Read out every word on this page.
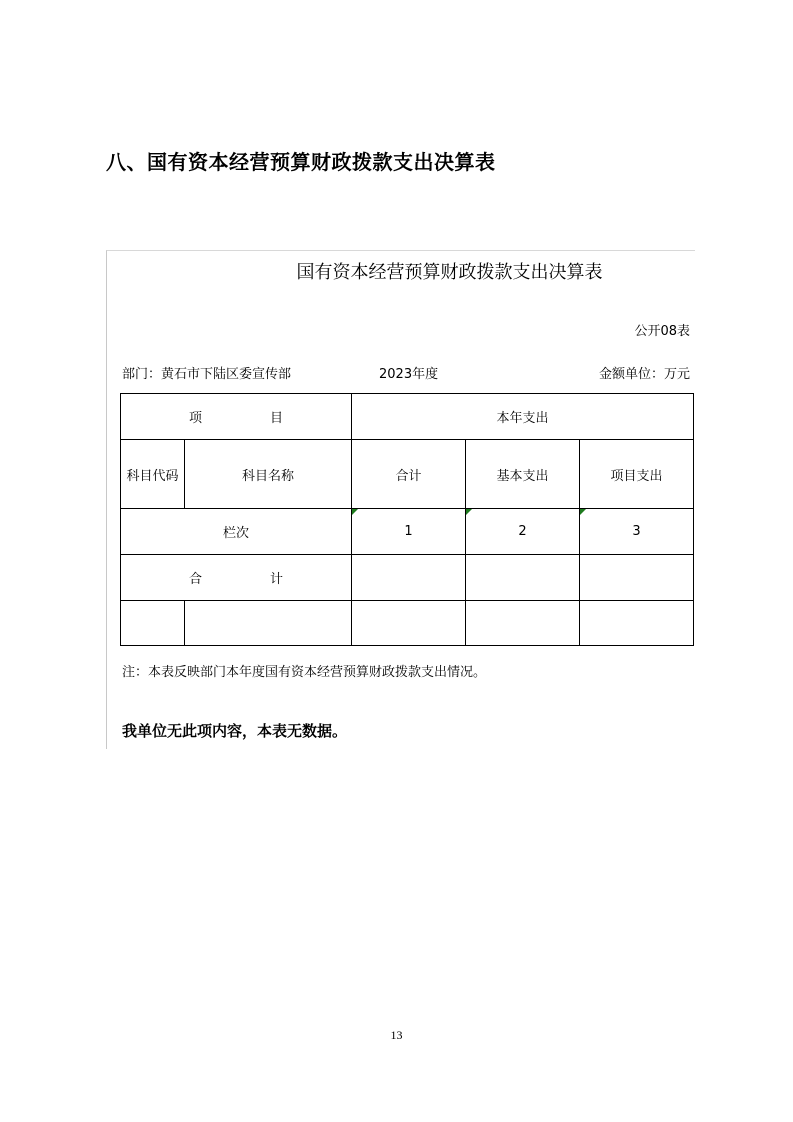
八、国有资本经营预算财政拨款支出决算表
国有资本经营预算财政拨款支出决算表
公开08表
部门：黄石市下陆区委宣传部	2023年度	金额单位：万元
项 目		本年支出		
科目代码	科目名称	合计	基本支出	项目支出
栏次		1	2	3
合 计				

注：本表反映部门本年度国有资本经营预算财政拨款支出情况。
我单位无此项内容，本表无数据。
13
